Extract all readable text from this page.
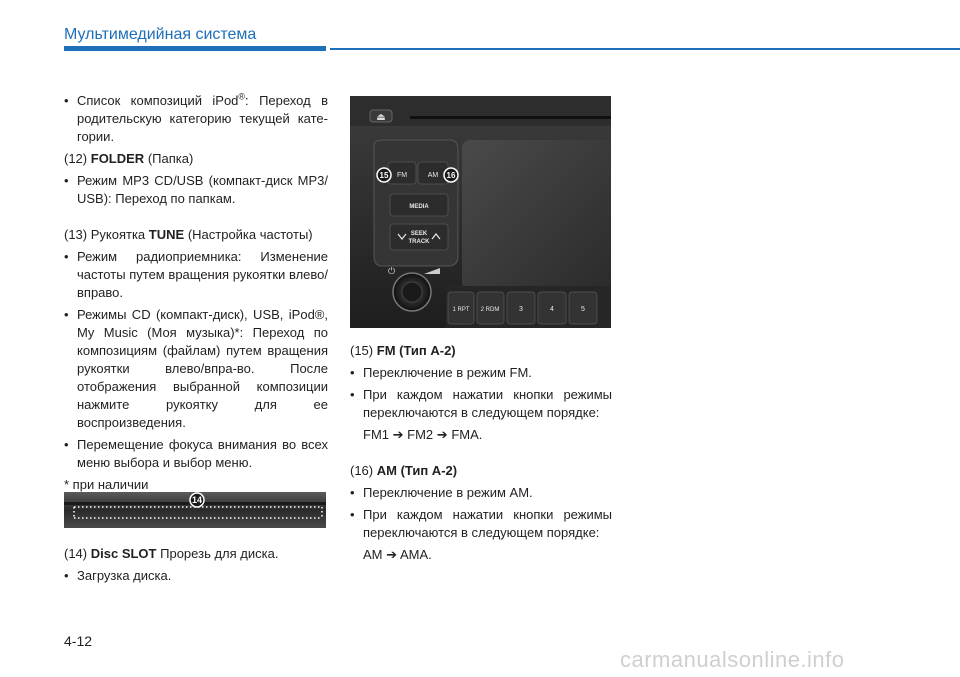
Мультимедийная система
• Список композиций iPod®: Переход в родительскую категорию текущей кате-гории.
(12) FOLDER (Папка)
• Режим MP3 CD/USB (компакт-диск MP3/ USB): Переход по папкам.
(13) Рукоятка TUNE (Настройка частоты)
• Режим радиоприемника: Изменение частоты путем вращения рукоятки влево/вправо.
• Режимы CD (компакт-диск), USB, iPod®, My Music (Моя музыка)*: Переход по композициям (файлам) путем вращения рукоятки влево/впра-во. После отображения выбранной композиции нажмите рукоятку для ее воспроизведения.
• Перемещение фокуса внимания во всех меню выбора и выбор меню.
* при наличии
14
(14) Disc SLOT Прорезь для диска.
• Загрузка диска.
⏏
FM	AM
MEDIA
SEEK
TRACK
15	16
⏻
1 RPT 2 RDM	3	4	5
(15) FM (Тип A-2)
• Переключение в режим FM.
• При каждом нажатии кнопки режимы переключаются в следующем порядке:
FM1 ➔ FM2 ➔ FMA.
(16) AM (Тип A-2)
• Переключение в режим AM.
• При каждом нажатии кнопки режимы переключаются в следующем порядке:
AM ➔ AMA.
4-12
carmanualsonline.info
